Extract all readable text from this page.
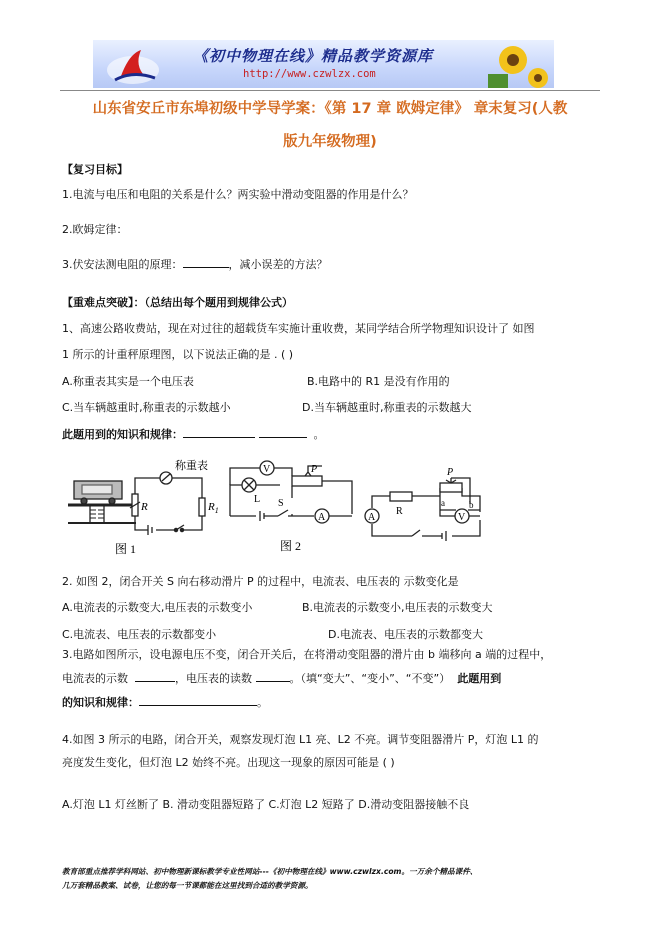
《初中物理在线》精品教学资源库
http://www.czwlzx.com
山东省安丘市东埠初级中学导学案：《第 17 章 欧姆定律》 章末复习(人教
版九年级物理)
【复习目标】
1.电流与电压和电阻的关系是什么？两实验中滑动变阻器的作用是什么？
2.欧姆定律：
3.伏安法测电阻的原理：	，减小误差的方法？
【重难点突破】：（总结出每个题用到规律公式）
1、高速公路收费站，现在对过往的超载货车实施计重收费，某同学结合所学物理知识设计了 如图
1 所示的计重秤原理图，以下说法正确的是 . ( )
A.称重表其实是一个电压表	B.电路中的 R1 是没有作用的
C.当车辆越重时,称重表的示数越小	D.当车辆越重时,称重表的示数越大
此题用到的知识和规律：	。
称重表
R	$R_1$
图 1
V	P
L S
A
图 2
P
R
a	b
A	V
2. 如图 2，闭合开关 S 向右移动滑片 P 的过程中，电流表、电压表的 示数变化是
A.电流表的示数变大,电压表的示数变小	B.电流表的示数变小,电压表的示数变大
C.电流表、电压表的示数都变小	D.电流表、电压表的示数都变大
3.电路如图所示，设电源电压不变，闭合开关后，在将滑动变阻器的滑片由 b 端移向 a 端的过程中，
电流表的示数	，电压表的读数	。（填“变大”、“变小”、“不变”） 此题用到
的知识和规律：	。
4.如图 3 所示的电路，闭合开关，观察发现灯泡 L1 亮、L2 不亮。调节变阻器滑片 P，灯泡 L1 的
亮度发生变化，但灯泡 L2 始终不亮。出现这一现象的原因可能是 ( )
A.灯泡 L1 灯丝断了 B. 滑动变阻器短路了 C.灯泡 L2 短路了 D.滑动变阻器接触不良
教育部重点推荐学科网站、初中物理新课标教学专业性网站---《初中物理在线》www.czwlzx.com。一万余个精品课件、
几万套精品教案、试卷，让您的每一节课都能在这里找到合适的教学资源。
